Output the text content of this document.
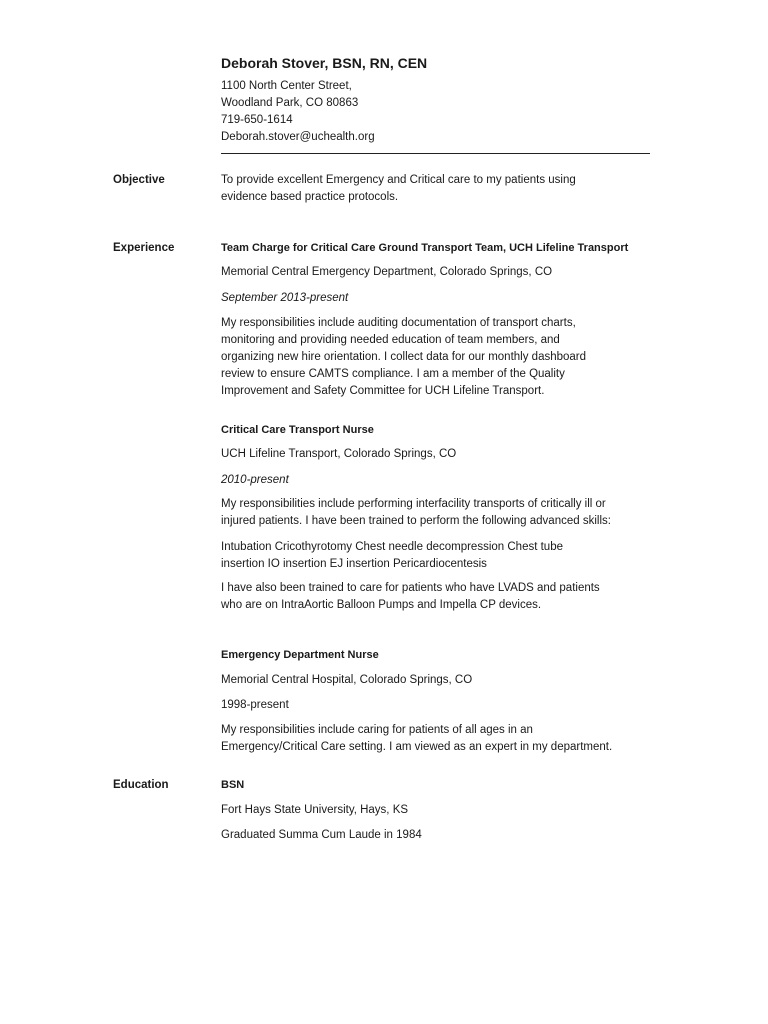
Deborah Stover, BSN, RN, CEN

1100 North Center Street,

Woodland Park, CO 80863

719-650-1614

Deborah.stover@uchealth.org

Objective	To provide excellent Emergency and Critical care to my patients using

evidence based practice protocols.

Experience	Team Charge for Critical Care Ground Transport Team, UCH Lifeline Transport

Memorial Central Emergency Department, Colorado Springs, CO

September 2013-present

My responsibilities include auditing documentation of transport charts,

monitoring and providing needed education of team members, and

organizing new hire orientation. I collect data for our monthly dashboard

review to ensure CAMTS compliance. I am a member of the Quality

Improvement and Safety Committee for UCH Lifeline Transport.

Critical Care Transport Nurse

UCH Lifeline Transport, Colorado Springs, CO

2010-present

My responsibilities include performing interfacility transports of critically ill or

injured patients. I have been trained to perform the following advanced skills:

Intubation Cricothyrotomy Chest needle decompression Chest tube

insertion IO insertion EJ insertion Pericardiocentesis

I have also been trained to care for patients who have LVADS and patients

who are on IntraAortic Balloon Pumps and Impella CP devices.

Emergency Department Nurse

Memorial Central Hospital, Colorado Springs, CO

1998-present

My responsibilities include caring for patients of all ages in an

Emergency/Critical Care setting. I am viewed as an expert in my department.

Education	BSN

Fort Hays State University, Hays, KS

Graduated Summa Cum Laude in 1984
